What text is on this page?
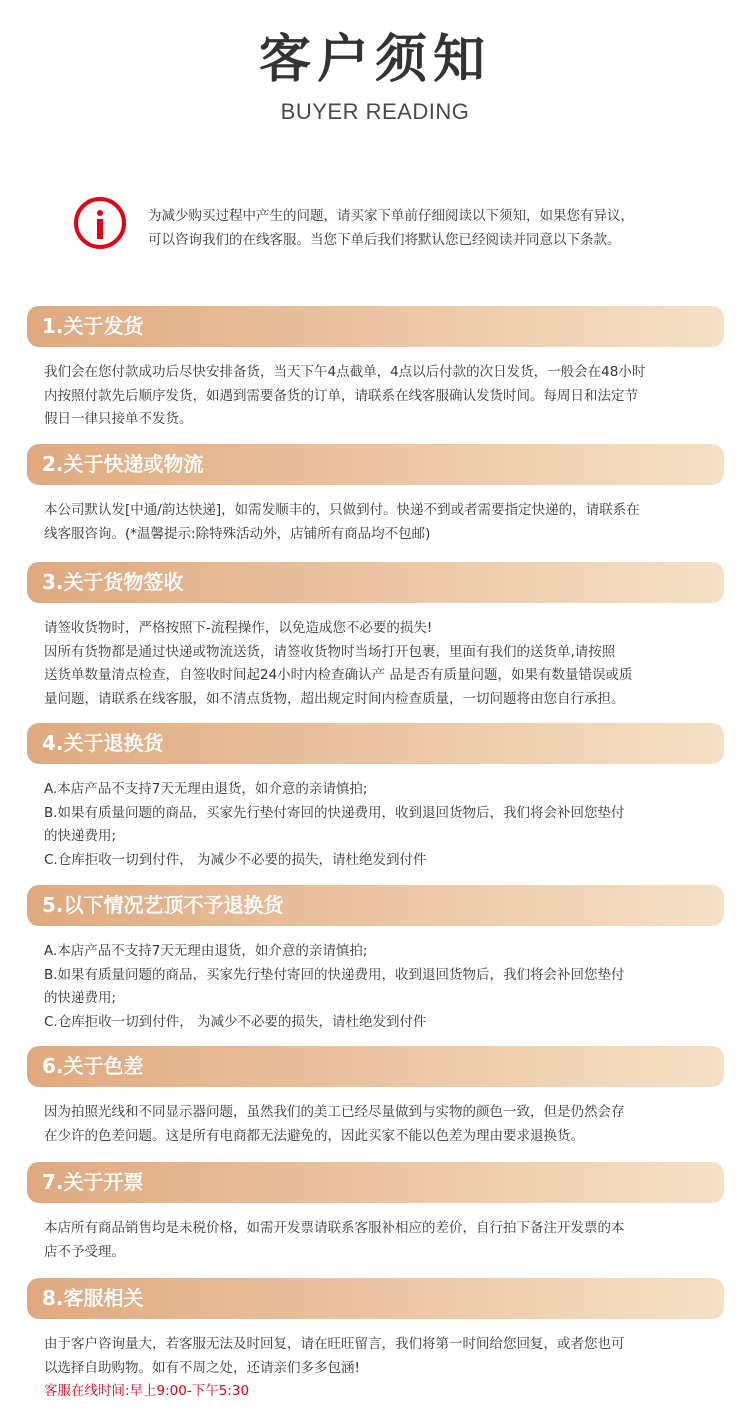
客户须知
BUYER READING
为减少购买过程中产生的问题，请买家下单前仔细阅读以下须知，如果您有异议，
可以咨询我们的在线客服。当您下单后我们将默认您已经阅读并同意以下条款。
1.关于发货
我们会在您付款成功后尽快安排备货，当天下午4点截单，4点以后付款的次日发货，一般会在48小时
内按照付款先后顺序发货，如遇到需要备货的订单，请联系在线客服确认发货时间。每周日和法定节
假日一律只接单不发货。
2.关于快递或物流
本公司默认发[中通/韵达快递]，如需发顺丰的，只做到付。快递不到或者需要指定快递的，请联系在
线客服咨询。(*温馨提示:除特殊活动外，店铺所有商品均不包邮)
3.关于货物签收
请签收货物时，严格按照下-流程操作，以免造成您不必要的损失!
因所有货物都是通过快递或物流送货，请签收货物时当场打开包裹，里面有我们的送货单,请按照
送货单数量清点检查，自签收时间起24小时内检查确认产 品是否有质量问题，如果有数量错误或质
量问题，请联系在线客服，如不清点货物，超出规定时间内检查质量，一切问题将由您自行承担。
4.关于退换货
A.本店产品不支持7天无理由退货，如介意的亲请慎拍;
B.如果有质量问题的商品，买家先行垫付寄回的快递费用，收到退回货物后，我们将会补回您垫付
的快递费用;
C.仓库拒收一切到付件， 为减少不必要的损失，请杜绝发到付件
5.以下情况艺顶不予退换货
A.本店产品不支持7天无理由退货，如介意的亲请慎拍;
B.如果有质量问题的商品，买家先行垫付寄回的快递费用，收到退回货物后，我们将会补回您垫付
的快递费用;
C.仓库拒收一切到付件， 为减少不必要的损失，请杜绝发到付件
6.关于色差
因为拍照光线和不同显示器问题，虽然我们的美工已经尽量做到与实物的颜色一致，但是仍然会存
在少许的色差问题。这是所有电商都无法避免的，因此买家不能以色差为理由要求退换货。
7.关于开票
本店所有商品销售均是未税价格，如需开发票请联系客服补相应的差价，自行拍下备注开发票的本
店不予受理。
8.客服相关
由于客户咨询量大，若客服无法及时回复，请在旺旺留言，我们将第一时间给您回复，或者您也可
以选择自助购物。如有不周之处，还请亲们多多包涵!
客服在线时间:早上9:00-下午5:30
